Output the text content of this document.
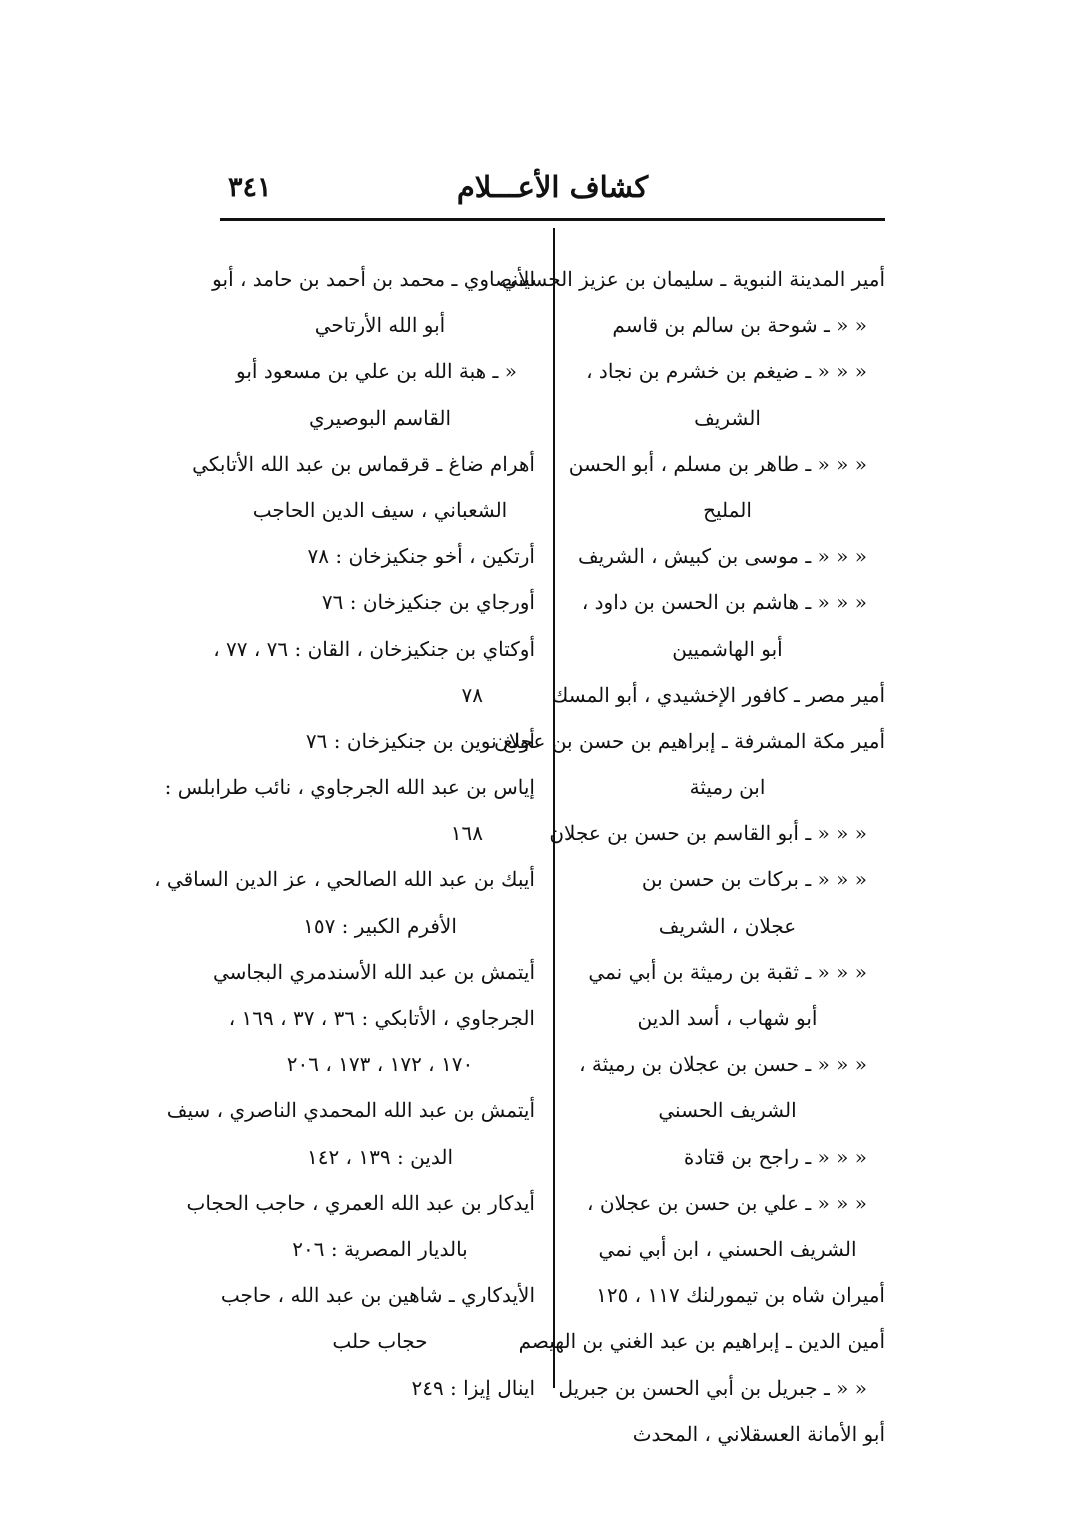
كشاف الأعـــلام
٣٤١
أمير المدينة النبوية ـ سليمان بن عزيز الحسيني
« « ـ شوحة بن سالم بن قاسم
« « « ـ ضيغم بن خشرم بن نجاد ،
الشريف
« « « ـ طاهر بن مسلم ، أبو الحسن
المليح
« « « ـ موسى بن كبيش ، الشريف
« « « ـ هاشم بن الحسن بن داود ،
أبو الهاشميين
أمير مصر ـ كافور الإخشيدي ، أبو المسك
أمير مكة المشرفة ـ إبراهيم بن حسن بن عجلان
ابن رميثة
« « « ـ أبو القاسم بن حسن بن عجلان
« « « ـ بركات بن حسن بن
عجلان ، الشريف
« « « ـ ثقبة بن رميثة بن أبي نمي
أبو شهاب ، أسد الدين
« « « ـ حسن بن عجلان بن رميثة ،
الشريف الحسني
« « « ـ راجح بن قتادة
« « « ـ علي بن حسن بن عجلان ،
الشريف الحسني ، ابن أبي نمي
أميران شاه بن تيمورلنك ١١٧ ، ١٢٥
أمين الدين ـ إبراهيم بن عبد الغني بن الهيصم
« « ـ جبريل بن أبي الحسن بن جبريل
أبو الأمانة العسقلاني ، المحدث
الأنصاوي ـ محمد بن أحمد بن حامد ، أبو
أبو الله الأرتاحي
« ـ هبة الله بن علي بن مسعود أبو
القاسم البوصيري
أهرام ضاغ ـ قرقماس بن عبد الله الأتابكي
الشعباني ، سيف الدين الحاجب
أرتكين ، أخو جنكيزخان : ٧٨
أورجاي بن جنكيزخان : ٧٦
أوكتاي بن جنكيزخان ، القان : ٧٦ ، ٧٧ ،
٧٨
أولغ نوين بن جنكيزخان : ٧٦
إياس بن عبد الله الجرجاوي ، نائب طرابلس :
١٦٨
أيبك بن عبد الله الصالحي ، عز الدين الساقي ،
الأفرم الكبير : ١٥٧
أيتمش بن عبد الله الأسندمري البجاسي
الجرجاوي ، الأتابكي : ٣٦ ، ٣٧ ، ١٦٩ ،
١٧٠ ، ١٧٢ ، ١٧٣ ، ٢٠٦
أيتمش بن عبد الله المحمدي الناصري ، سيف
الدين : ١٣٩ ، ١٤٢
أيدكار بن عبد الله العمري ، حاجب الحجاب
بالديار المصرية : ٢٠٦
الأيدكاري ـ شاهين بن عبد الله ، حاجب
حجاب حلب
اينال إيزا : ٢٤٩
